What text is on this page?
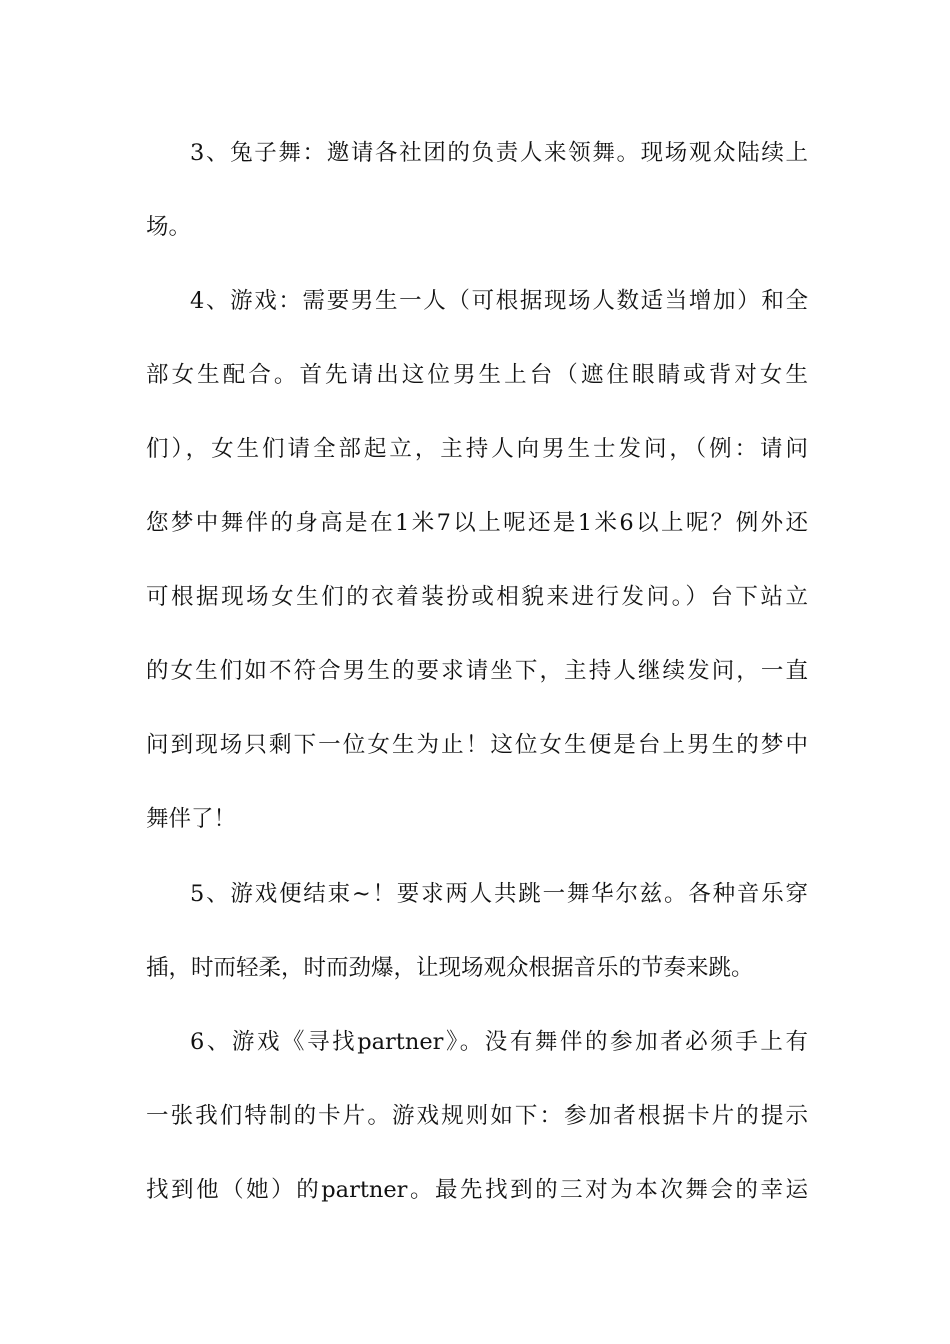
3、兔子舞：邀请各社团的负责人来领舞。现场观众陆续上
场。
4、游戏：需要男生一人（可根据现场人数适当增加）和全
部女生配合。首先请出这位男生上台（遮住眼睛或背对女生
们），女生们请全部起立，主持人向男生士发问，（例：请问
您梦中舞伴的身高是在1米7以上呢还是1米6以上呢？例外还
可根据现场女生们的衣着装扮或相貌来进行发问。）台下站立
的女生们如不符合男生的要求请坐下，主持人继续发问，一直
问到现场只剩下一位女生为止！这位女生便是台上男生的梦中
舞伴了！
5、游戏便结束~！要求两人共跳一舞华尔兹。各种音乐穿
插，时而轻柔，时而劲爆，让现场观众根据音乐的节奏来跳。
6、游戏《寻找partner》。没有舞伴的参加者必须手上有
一张我们特制的卡片。游戏规则如下：参加者根据卡片的提示
找到他（她）的partner。最先找到的三对为本次舞会的幸运
